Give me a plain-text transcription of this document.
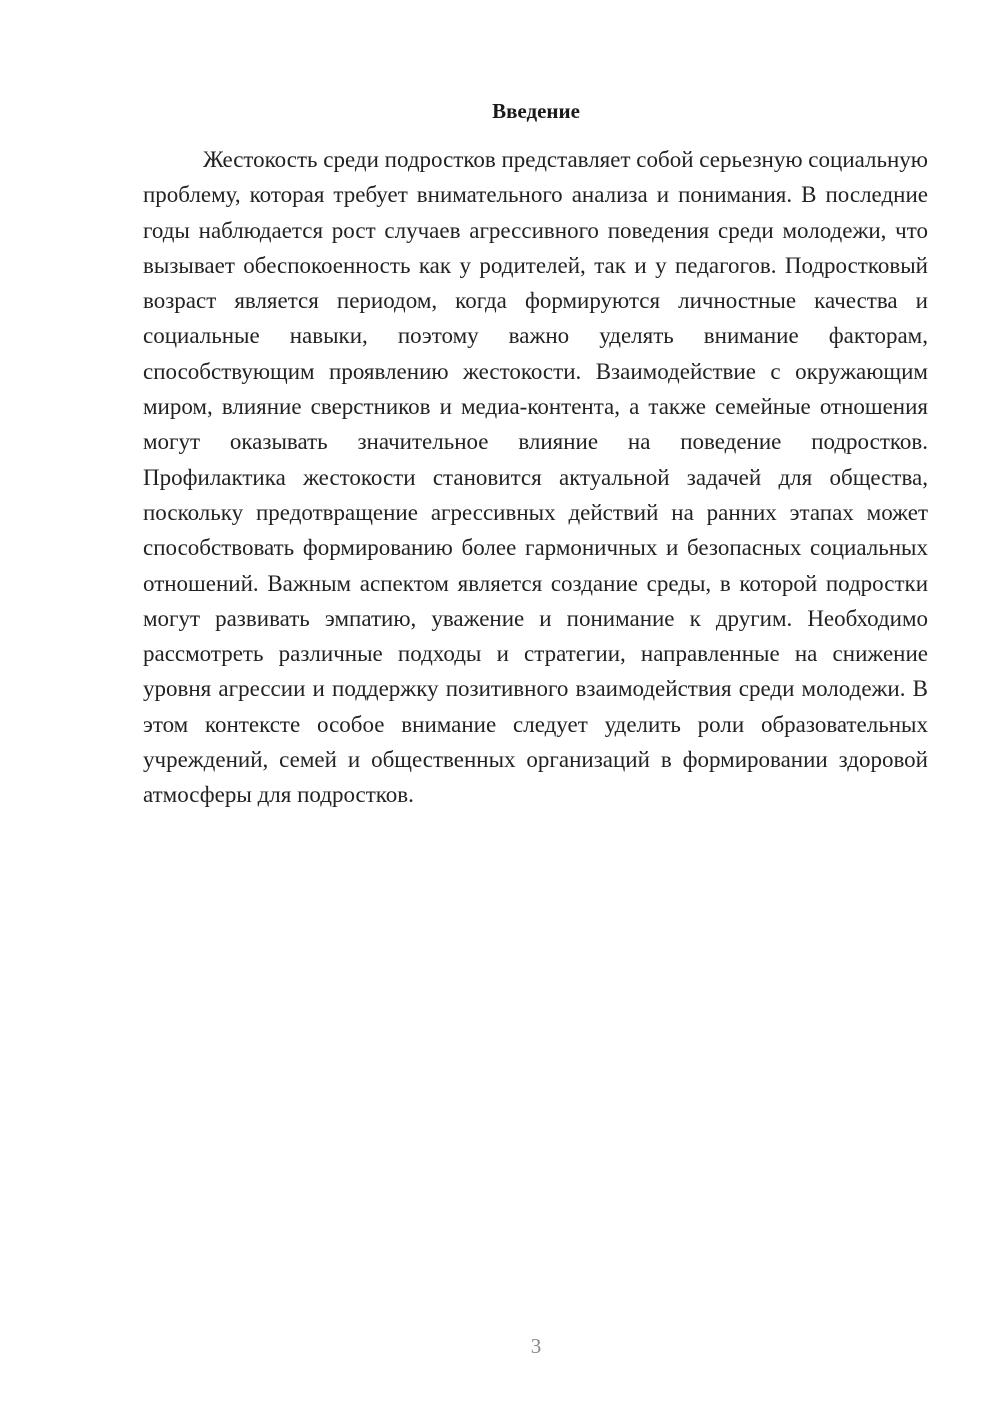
Введение

Жестокость среди подростков представляет собой серьезную социальную проблему, которая требует внимательного анализа и понимания. В последние годы наблюдается рост случаев агрессивного поведения среди молодежи, что вызывает обеспокоенность как у родителей, так и у педагогов. Подростковый возраст является периодом, когда формируются личностные качества и социальные навыки, поэтому важно уделять внимание факторам, способствующим проявлению жестокости. Взаимодействие с окружающим миром, влияние сверстников и медиа-контента, а также семейные отношения могут оказывать значительное влияние на поведение подростков. Профилактика жестокости становится актуальной задачей для общества, поскольку предотвращение агрессивных действий на ранних этапах может способствовать формированию более гармоничных и безопасных социальных отношений. Важным аспектом является создание среды, в которой подростки могут развивать эмпатию, уважение и понимание к другим. Необходимо рассмотреть различные подходы и стратегии, направленные на снижение уровня агрессии и поддержку позитивного взаимодействия среди молодежи. В этом контексте особое внимание следует уделить роли образовательных учреждений, семей и общественных организаций в формировании здоровой атмосферы для подростков.

3
